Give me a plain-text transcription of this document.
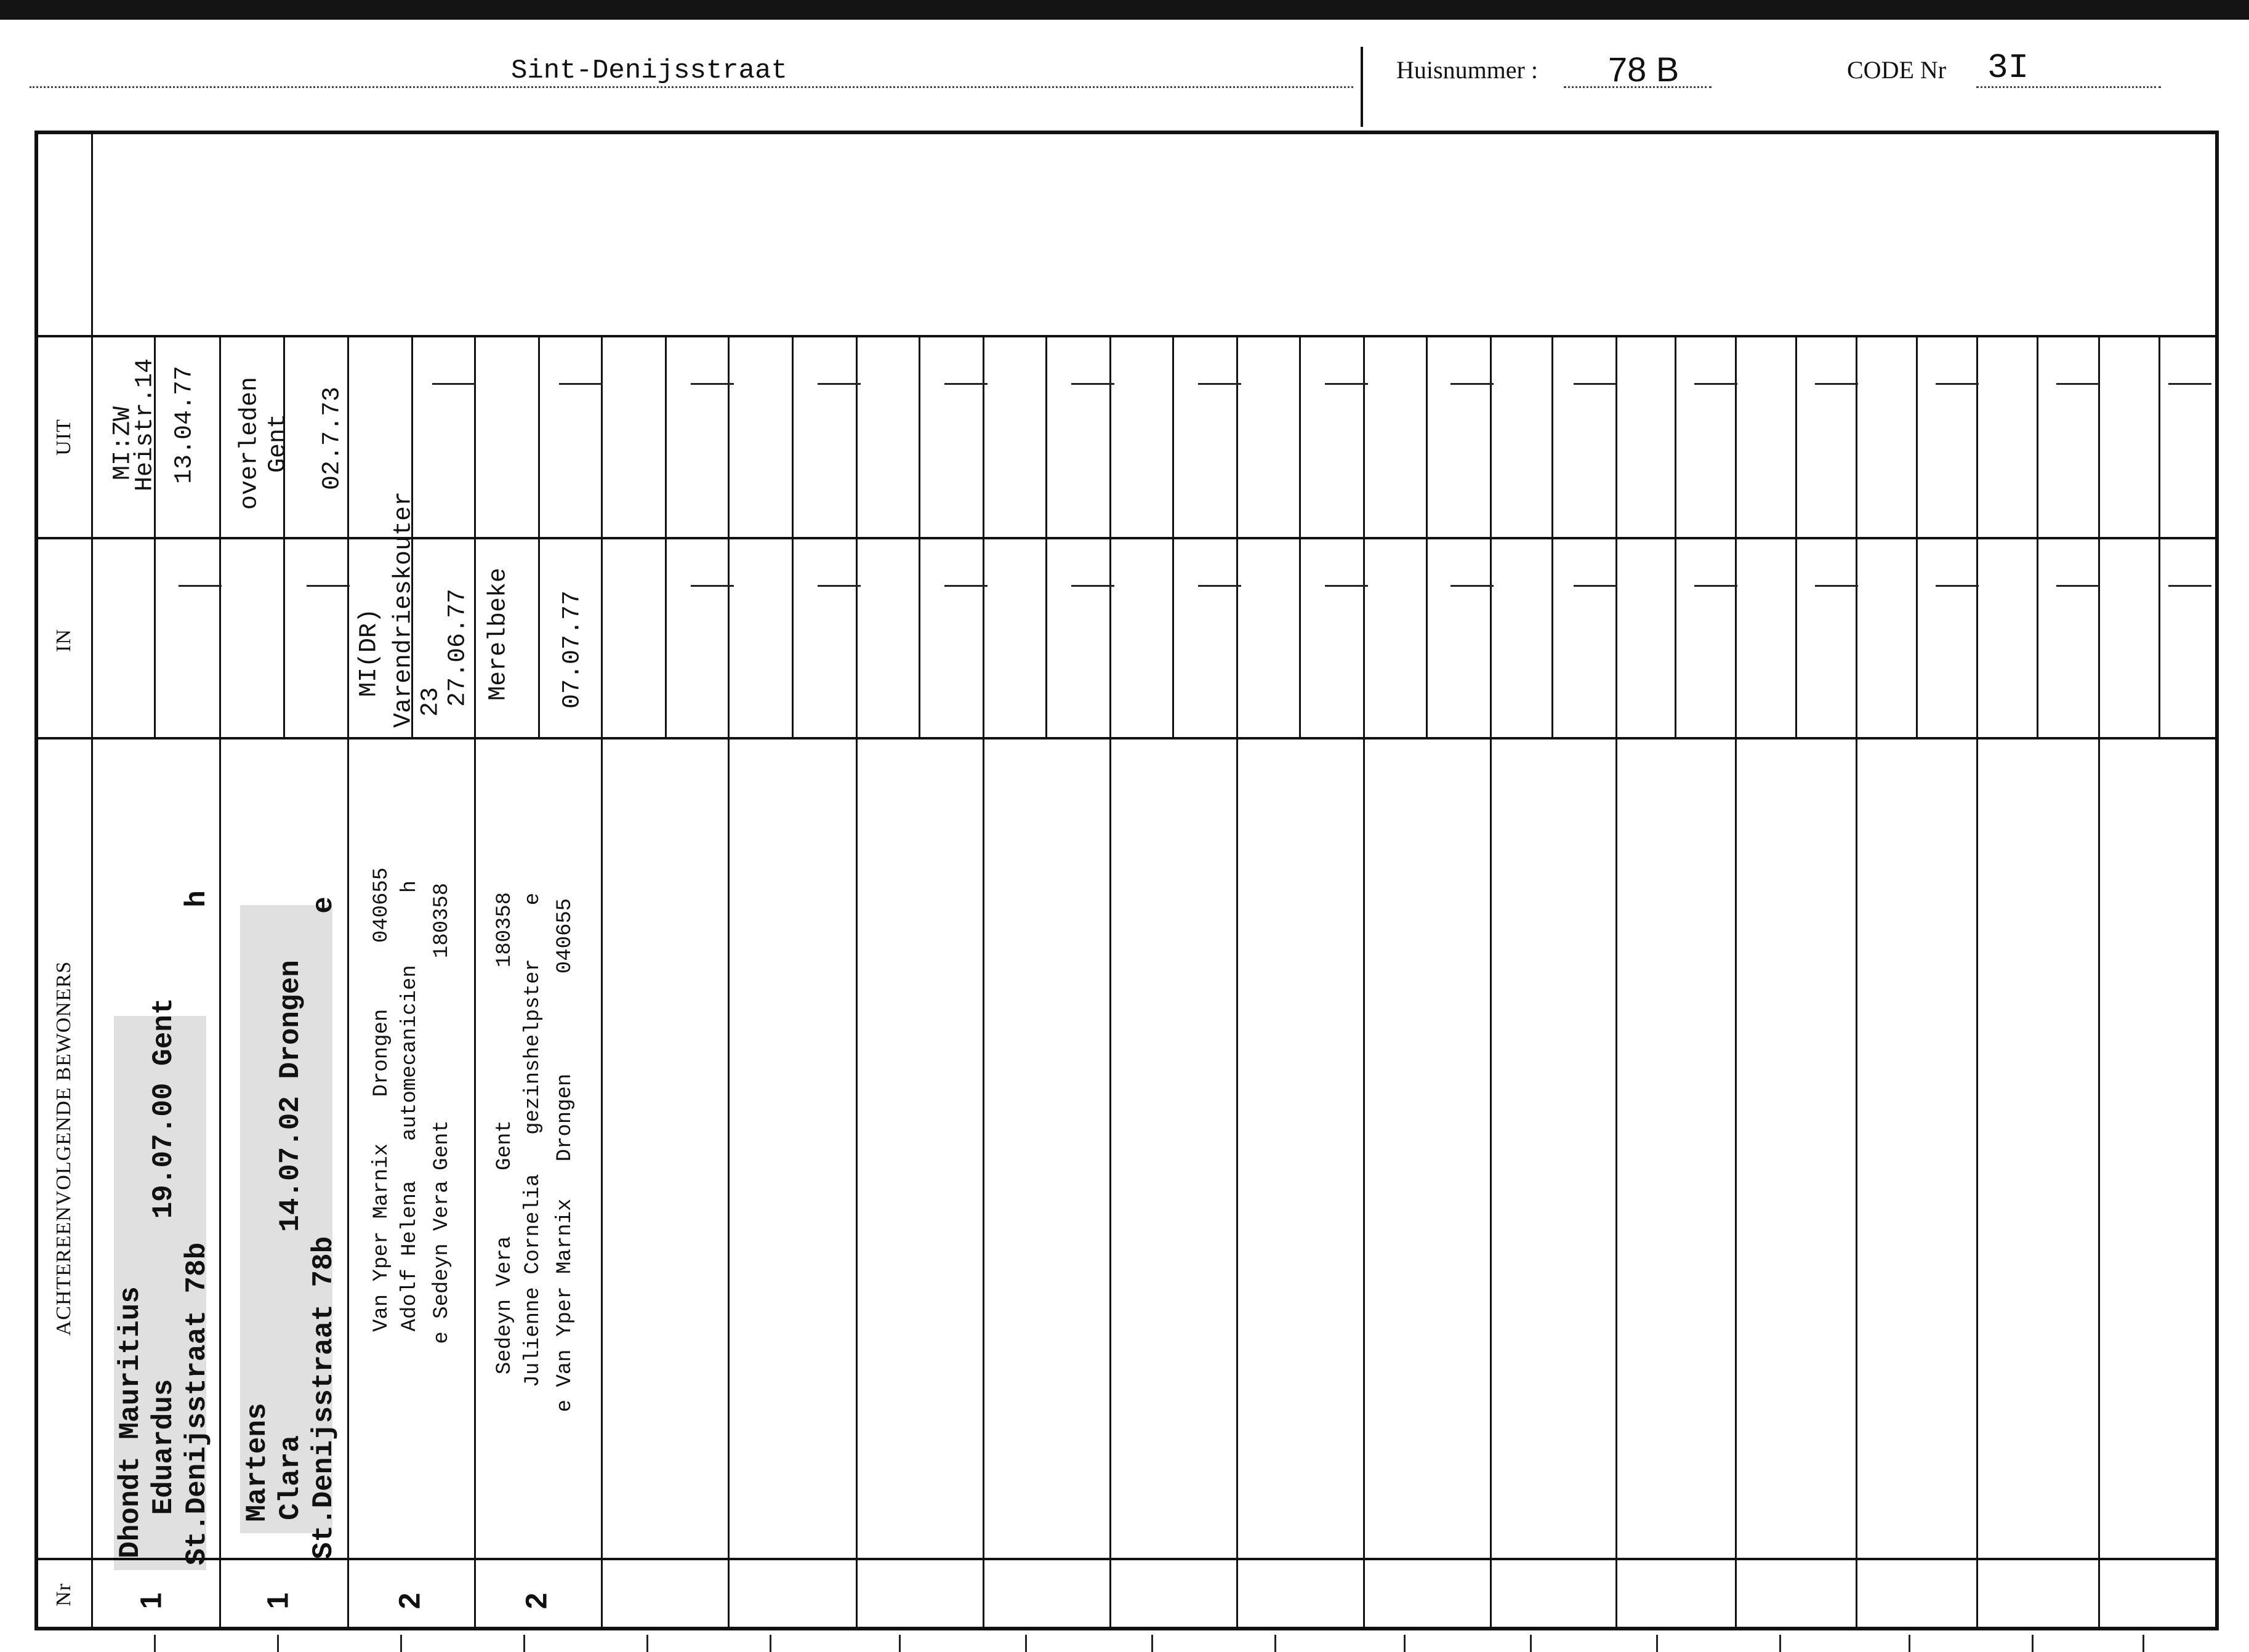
Sint-Denijsstraat	Huisnummer : 78 B	CODE Nr 3I
UIT
IN
ACHTEREENVOLGENDE BEWONERS
Nr
Dhondt Mauritius Eduardus
19.07.00 Gent
St.Denijsstraat 78b
h
MI:ZW
Heistr.14 13.04.77
1
Martens Clara
14.07.02 Drongen
St.Denijsstraat 78b
e
overleden Gent 02.7.73
1
Van Yper Marnix
Drongen
040655
Adolf Helena
automecanicien
h
e Sedeyn Vera
Gent
180358
MI(DR) Varendrieskouter 23 27.06.77
2
Sedeyn Vera
Gent
180358
Julienne Cornelia
gezinshelpster
e
e Van Yper Marnix
Drongen
040655
Merelbeke 07.07.77
2
